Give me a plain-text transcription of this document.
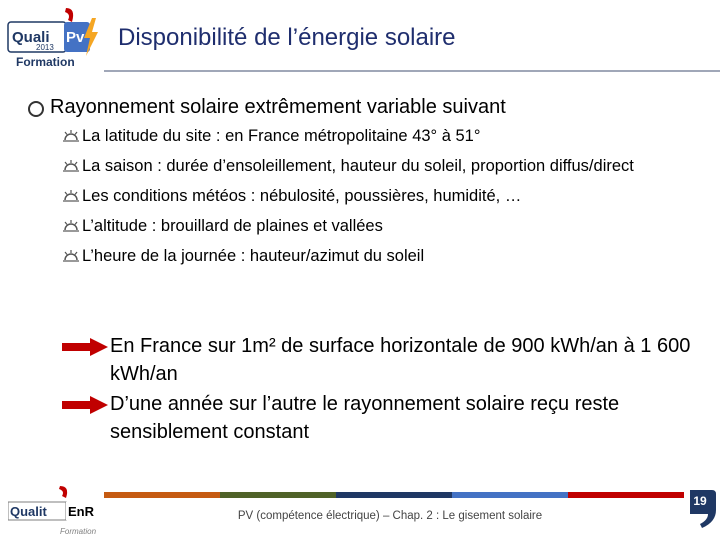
Quali Pv
2013
Formation
Disponibilité de l’énergie solaire
Rayonnement solaire extrêmement variable suivant
La latitude du site : en France métropolitaine 43° à 51°
La saison : durée d’ensoleillement, hauteur du soleil, proportion diffus/direct
Les conditions météos : nébulosité, poussières, humidité, …
L’altitude : brouillard de plaines et vallées
L’heure de la journée : hauteur/azimut du soleil
En France sur 1m² de surface horizontale de 900 kWh/an à 1 600 kWh/an
D’une année sur l’autre le rayonnement solaire reçu reste sensiblement constant
Qualit EnR
Formation
PV (compétence électrique) – Chap. 2 : Le gisement solaire
19
